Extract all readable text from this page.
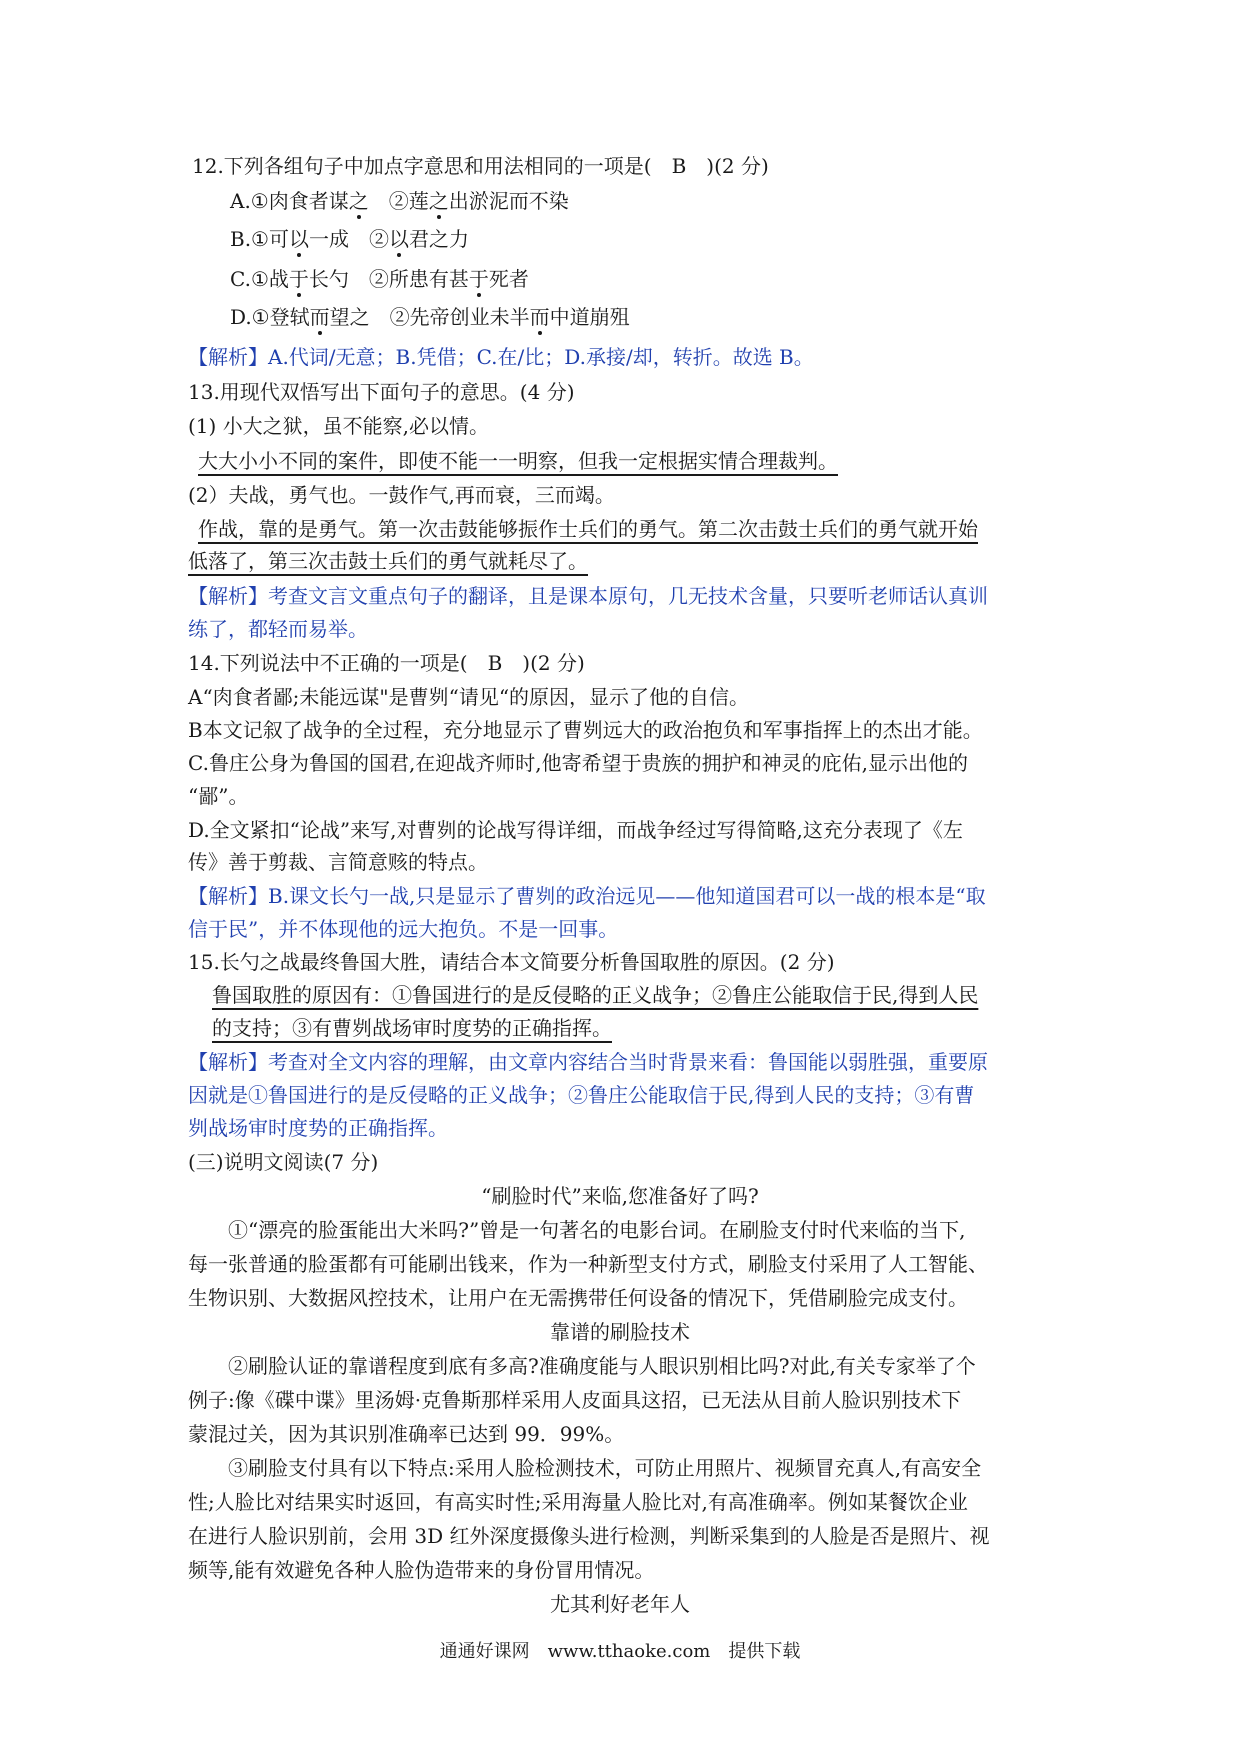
12.下列各组句子中加点字意思和用法相同的一项是(　B　)(2 分)
A.①肉食者谋之　②莲之出淤泥而不染
B.①可以一成　②以君之力
C.①战于长勺　②所患有甚于死者
D.①登轼而望之　②先帝创业未半而中道崩殂
【解析】A.代词/无意；B.凭借；C.在/比；D.承接/却，转折。故选 B。
13.用现代双悟写出下面句子的意思。(4 分)
(1) 小大之狱，虽不能察,必以情。
大大小小不同的案件，即使不能一一明察，但我一定根据实情合理裁判。
(2）夫战，勇气也。一鼓作气,再而衰，三而竭。
作战，靠的是勇气。第一次击鼓能够振作士兵们的勇气。第二次击鼓士兵们的勇气就开始
低落了，第三次击鼓士兵们的勇气就耗尽了。
【解析】考查文言文重点句子的翻译，且是课本原句，几无技术含量，只要听老师话认真训
练了，都轻而易举。
14.下列说法中不正确的一项是(　B　)(2 分)
A“肉食者鄙;未能远谋"是曹刿“请见“的原因，显示了他的自信。
B本文记叙了战争的全过程，充分地显示了曹刿远大的政治抱负和军事指挥上的杰出才能。
C.鲁庄公身为鲁国的国君,在迎战齐师时,他寄希望于贵族的拥护和神灵的庇佑,显示出他的
“鄙”。
D.全文紧扣“论战”来写,对曹刿的论战写得详细，而战争经过写得简略,这充分表现了《左
传》善于剪裁、言简意赅的特点。
【解析】B.课文长勺一战,只是显示了曹刿的政治远见——他知道国君可以一战的根本是“取
信于民”，并不体现他的远大抱负。不是一回事。
15.长勺之战最终鲁国大胜，请结合本文简要分析鲁国取胜的原因。(2 分)
鲁国取胜的原因有：①鲁国进行的是反侵略的正义战争；②鲁庄公能取信于民,得到人民
的支持；③有曹刿战场审时度势的正确指挥。
【解析】考查对全文内容的理解，由文章内容结合当时背景来看：鲁国能以弱胜强，重要原
因就是①鲁国进行的是反侵略的正义战争；②鲁庄公能取信于民,得到人民的支持；③有曹
刿战场审时度势的正确指挥。
(三)说明文阅读(7 分)
“刷脸时代”来临,您准备好了吗?
①“漂亮的脸蛋能出大米吗?”曾是一句著名的电影台词。在刷脸支付时代来临的当下,
每一张普通的脸蛋都有可能刷出钱来，作为一种新型支付方式，刷脸支付采用了人工智能、
生物识别、大数据风控技术，让用户在无需携带任何设备的情况下，凭借刷脸完成支付。
靠谱的刷脸技术
②刷脸认证的靠谱程度到底有多高?准确度能与人眼识别相比吗?对此,有关专家举了个
例子:像《碟中谍》里汤姆·克鲁斯那样采用人皮面具这招，已无法从目前人脸识别技术下
蒙混过关，因为其识别准确率已达到 99．99%。
③刷脸支付具有以下特点:采用人脸检测技术，可防止用照片、视频冒充真人,有高安全
性;人脸比对结果实时返回，有高实时性;采用海量人脸比对,有高准确率。例如某餐饮企业
在进行人脸识别前，会用 3D 红外深度摄像头进行检测，判断采集到的人脸是否是照片、视
频等,能有效避免各种人脸伪造带来的身份冒用情况。
尤其利好老年人
通通好课网　www.tthaoke.com　提供下载
